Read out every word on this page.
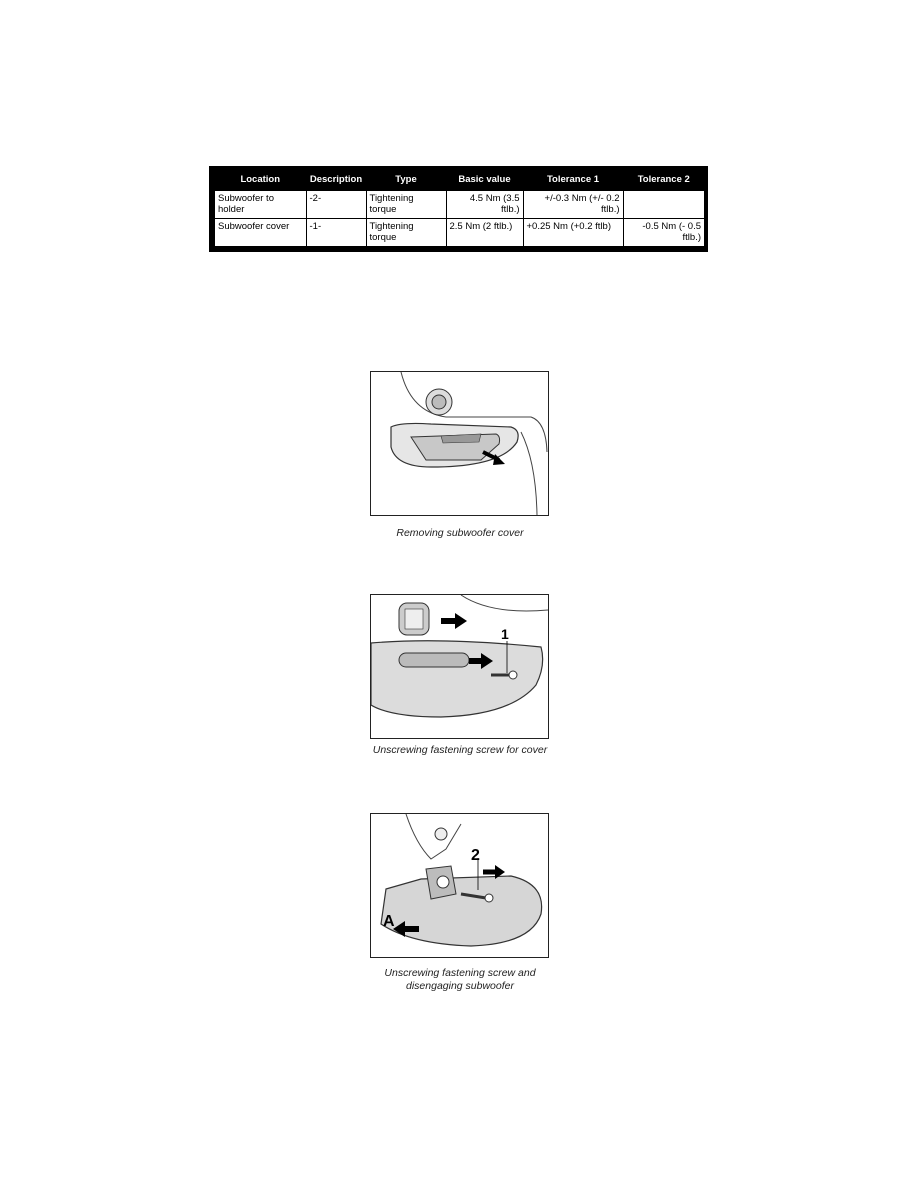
Location	Description	Type	Basic value	Tolerance 1	Tolerance 2
Subwoofer to holder	-2-	Tightening torque	4.5 Nm (3.5 ftlb.)	+/-0.3 Nm (+/- 0.2 ftlb.)	
Subwoofer cover	-1-	Tightening torque	2.5 Nm (2 ftlb.)	+0.25 Nm (+0.2 ftlb)	-0.5 Nm (- 0.5 ftlb.)
Removing subwoofer cover
1
Unscrewing fastening screw for cover
2
A
Unscrewing fastening screw and
disengaging subwoofer
